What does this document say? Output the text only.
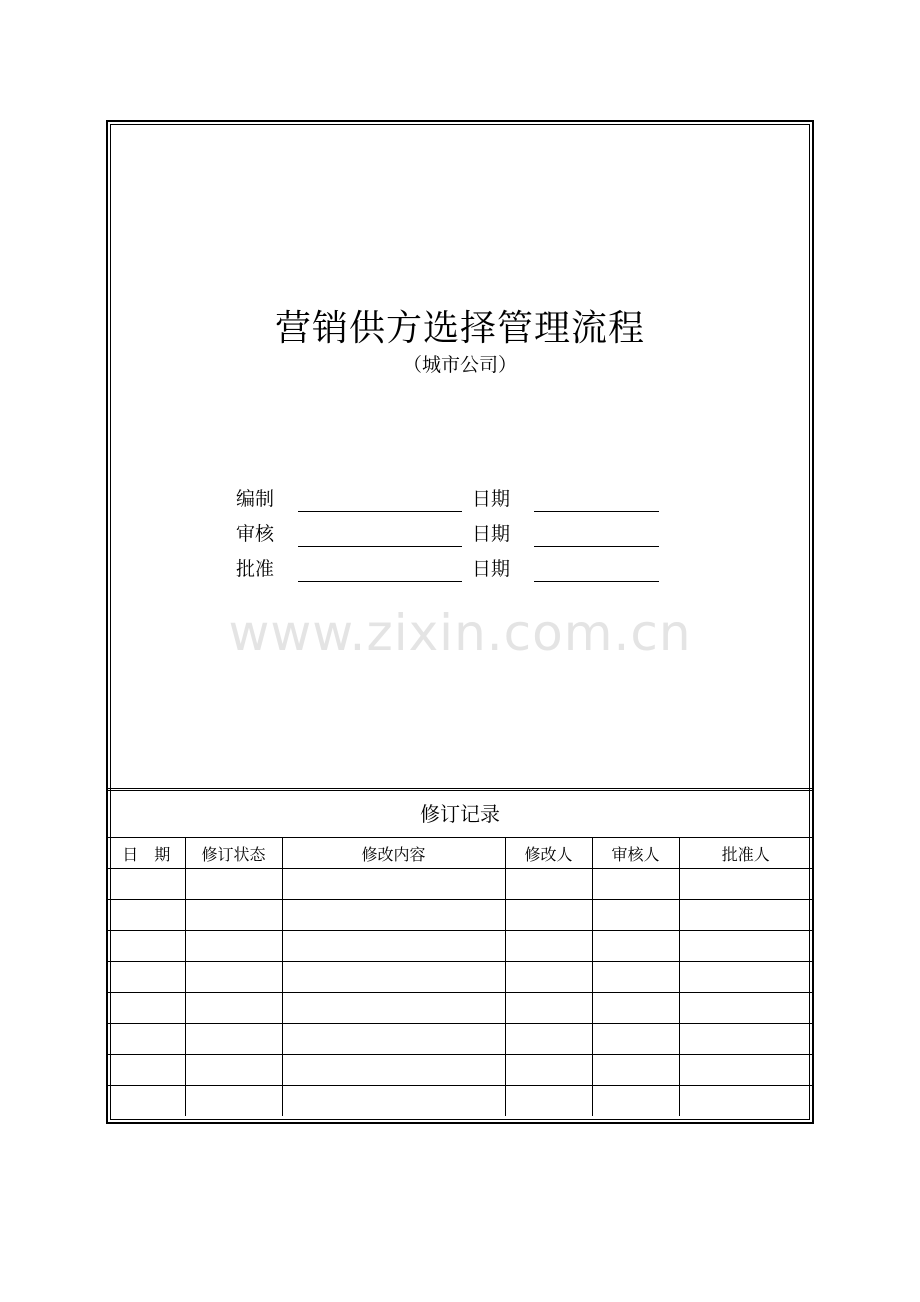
营销供方选择管理流程
（城市公司）
编制	日期
审核	日期
批准	日期
www.zixin.com.cn
修订记录
日　期	修订状态	修改内容	修改人	审核人	批准人
